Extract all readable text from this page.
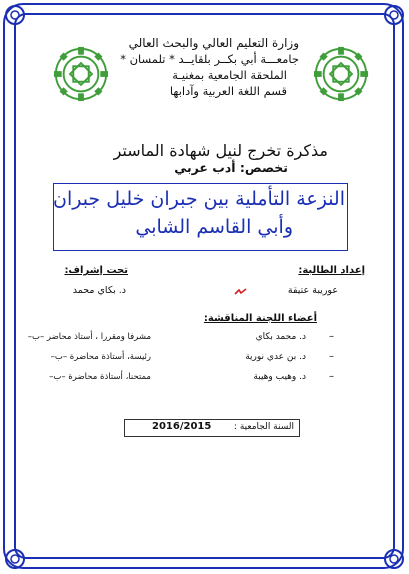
وزارة التعليم العالي والبحث العالي
جامعـــة أبي بكــر بلقايــد * تلمسان *
الملحقة الجامعية بمغنيـة
قسم اللغة العربية وآدابها
مذكرة تخرج لنيل شهادة الماستر
تخصص: أدب عربي
النزعة التأملية بين جبران خليل جبران
وأبي القاسم الشابي
إعداد الطالبة:
عوريبة عتيقة
تحت إشراف:
د. بكاي محمد
أعضاء اللجنة المناقشة:
–
د. محمد بكاي
مشرفا ومقررا ، أستاذ محاضر –ب–
–
د. بن عدي نورية
رئيسة، أستاذة محاضرة –ب–
–
د. وهيب وهيبة
ممتحنا، أستاذة محاضرة –ب–
السنة الجامعية :
2016/2015
